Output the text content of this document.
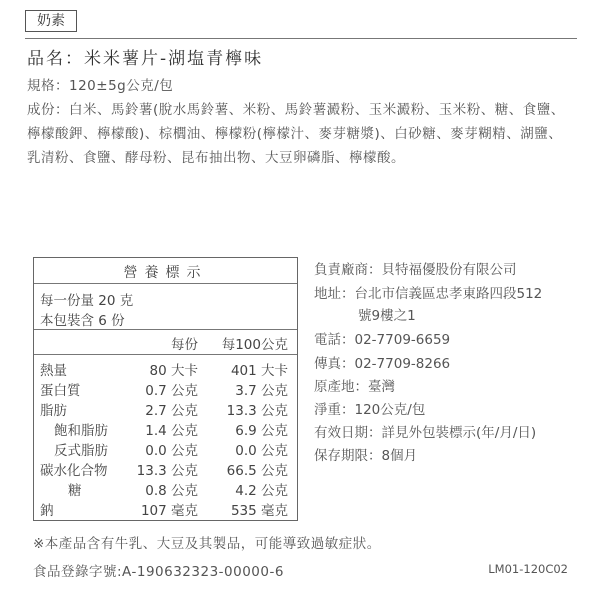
奶素
品名：米米薯片-湖塩青檸味
規格：120±5g公克/包
成份：白米、馬鈴薯(脫水馬鈴薯、米粉、馬鈴薯澱粉、玉米澱粉、玉米粉、糖、食鹽、
檸檬酸鉀、檸檬酸)、棕櫚油、檸檬粉(檸檬汁、麥芽糖漿)、白砂糖、麥芽糊精、湖鹽、
乳清粉、食鹽、酵母粉、昆布抽出物、大豆卵磷脂、檸檬酸。
營養標示
每一份量 20 克
本包裝含 6 份
每份 每100公克
熱量	80 大卡 401 大卡
蛋白質	0.7 公克	3.7 公克
脂肪	2.7 公克 13.3 公克
飽和脂肪	1.4 公克	6.9 公克
反式脂肪	0.0 公克	0.0 公克
碳水化合物 13.3 公克 66.5 公克
糖	0.8 公克	4.2 公克
鈉	107 毫克 535 毫克
負責廠商：貝特福優股份有限公司
地址：台北市信義區忠孝東路四段512
號9樓之1
電話：02-7709-6659
傳真：02-7709-8266
原產地：臺灣
淨重：120公克/包
有效日期：詳見外包裝標示(年/月/日)
保存期限：8個月
※本產品含有牛乳、大豆及其製品，可能導致過敏症狀。
食品登錄字號:A-190632323-00000-6	LM01-120C02
